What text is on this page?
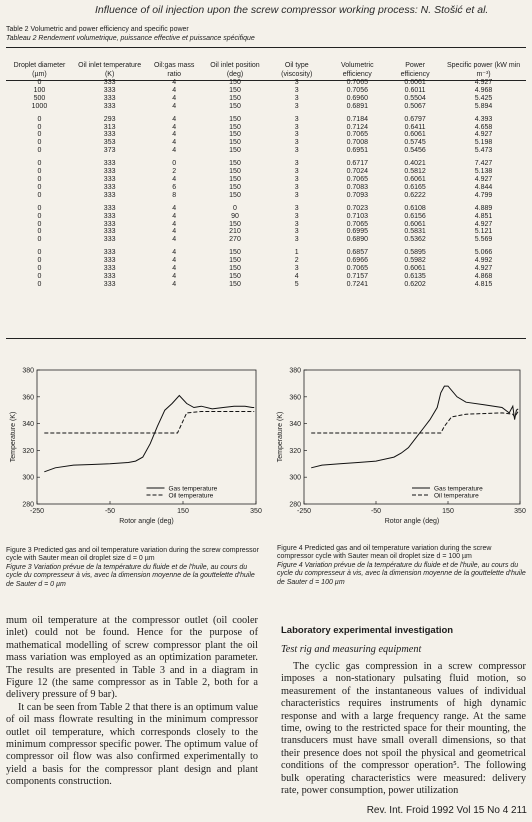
Influence of oil injection upon the screw compressor working process: N. Stošić et al.
Table 2 Volumetric and power efficiency and specific power
Tableau 2 Rendement volumetrique, puissance effective et puissance spécifique
Droplet diameter (µm)	Oil inlet temperature (K)	Oil:gas mass ratio	Oil inlet position (deg)	Oil type (viscosity)	Volumetric efficiency	Power efficiency	Specific power (kW min m⁻³)
0	333	4	150	3	0.7065	0.6061	4.927
100	333	4	150	3	0.7056	0.6011	4.968
500	333	4	150	3	0.6960	0.5504	5.425
1000	333	4	150	3	0.6891	0.5067	5.894
0	293	4	150	3	0.7184	0.6797	4.393
0	313	4	150	3	0.7124	0.6411	4.658
0	333	4	150	3	0.7065	0.6061	4.927
0	353	4	150	3	0.7008	0.5745	5.198
0	373	4	150	3	0.6951	0.5456	5.473
0	333	0	150	3	0.6717	0.4021	7.427
0	333	2	150	3	0.7024	0.5812	5.138
0	333	4	150	3	0.7065	0.6061	4.927
0	333	6	150	3	0.7083	0.6165	4.844
0	333	8	150	3	0.7093	0.6222	4.799
0	333	4	0	3	0.7023	0.6108	4.889
0	333	4	90	3	0.7103	0.6156	4.851
0	333	4	150	3	0.7065	0.6061	4.927
0	333	4	210	3	0.6995	0.5831	5.121
0	333	4	270	3	0.6890	0.5362	5.569
0	333	4	150	1	0.6857	0.5895	5.066
0	333	4	150	2	0.6966	0.5982	4.992
0	333	4	150	3	0.7065	0.6061	4.927
0	333	4	150	4	0.7157	0.6135	4.868
0	333	4	150	5	0.7241	0.6202	4.815
280
300
320
340
360
380
-250	-50	150	350
Rotor angle (deg)
Temperature (K)
Gas temperature
Oil temperature
280
300
320
340
360
380
-250	-50	150	350
Rotor angle (deg)
Temperature (K)
Gas temperature
Oil temperature
Figure 3 Predicted gas and oil temperature variation during the screw compressor cycle with Sauter mean oil droplet size d = 0 µm
Figure 3 Variation prévue de la température du fluide et de l'huile, au cours du cycle du compresseur à vis, avec la dimension moyenne de la gouttelette d'huile de Sauter d = 0 µm
Figure 4 Predicted gas and oil temperature variation during the screw compressor cycle with Sauter mean oil droplet size d = 100 µm
Figure 4 Variation prévue de la température du fluide et de l'huile, au cours du cycle du compresseur à vis, avec la dimension moyenne de la gouttelette d'huile de Sauter d = 100 µm

mum oil temperature at the compressor outlet (oil cooler inlet) could not be found. Hence for the purpose of mathematical modelling of screw compressor plant the oil mass variation was employed as an optimization parameter. The results are presented in Table 3 and in a diagram in Figure 12 (the same compressor as in Table 2, both for a delivery pressure of 9 bar).

It can be seen from Table 2 that there is an optimum value of oil mass flowrate resulting in the minimum compressor outlet oil temperature, which corresponds closely to the minimum compressor specific power. The optimum value of compressor oil flow was also confirmed experimentally to yield a basis for the compressor plant design and plant components construction.

Laboratory experimental investigation
Test rig and measuring equipment

The cyclic gas compression in a screw compressor imposes a non-stationary pulsating fluid motion, so measurement of the instantaneous values of individual characteristics requires instruments of high dynamic response and with a large frequency range. At the same time, owing to the restricted space for their mounting, the transducers must have small overall dimensions, so that their presence does not spoil the physical and geometrical conditions of the compressor operation⁵. The following bulk operating characteristics were measured: delivery rate, power consumption, power utilization

Rev. Int. Froid 1992 Vol 15 No 4 211
